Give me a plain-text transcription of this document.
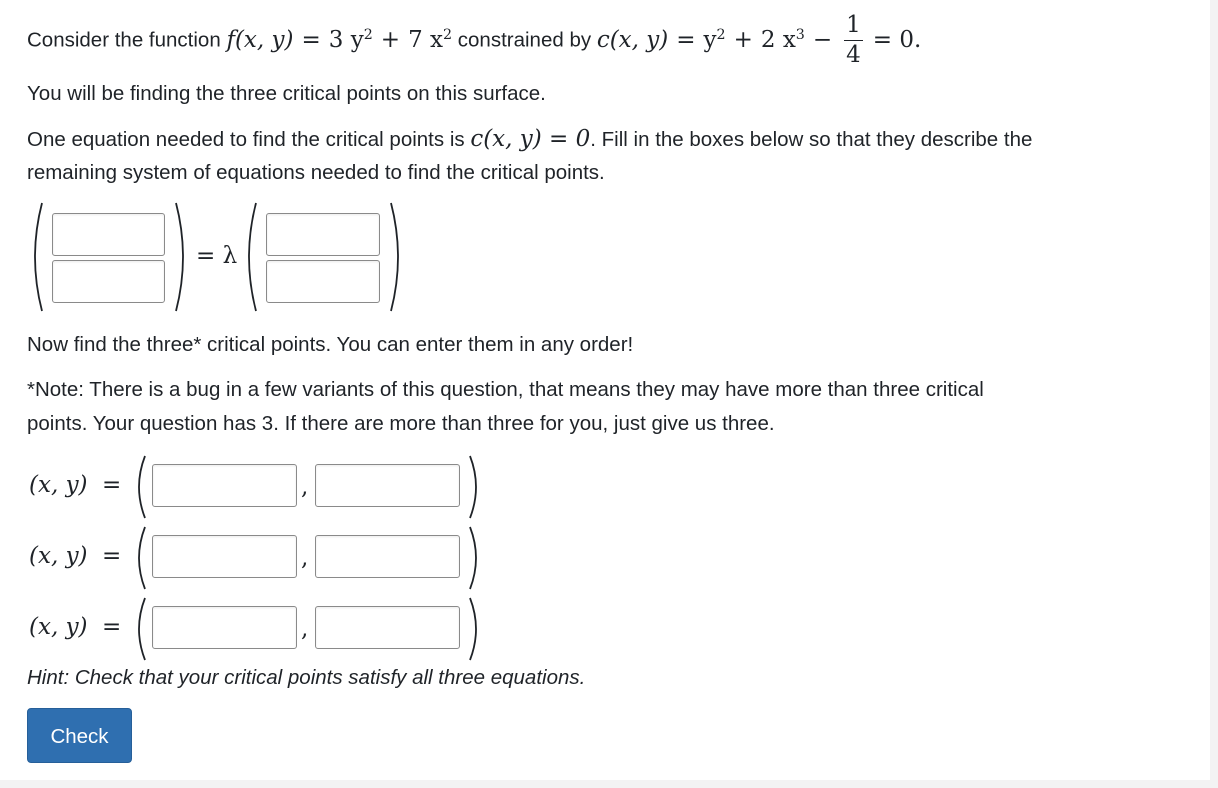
Consider the function f(x, y) = 3 $y^2 + 7$ $x^2$ constrained by c(x, $y) = y^2 + 2$ $x^3 - \frac{1}{4} = 0$.
You will be finding the three critical points on this surface.
One equation needed to find the critical points is c(x, y) = 0. Fill in the boxes below so that they describe the
remaining system of equations needed to find the critical points.
= λ
Now find the three* critical points. You can enter them in any order!
*Note: There is a bug in a few variants of this question, that means they may have more than three critical
points. Your question has 3. If there are more than three for you, just give us three.
(x, y) =	,
(x, y) =	,
(x, y) =	,
Hint: Check that your critical points satisfy all three equations.
Check
